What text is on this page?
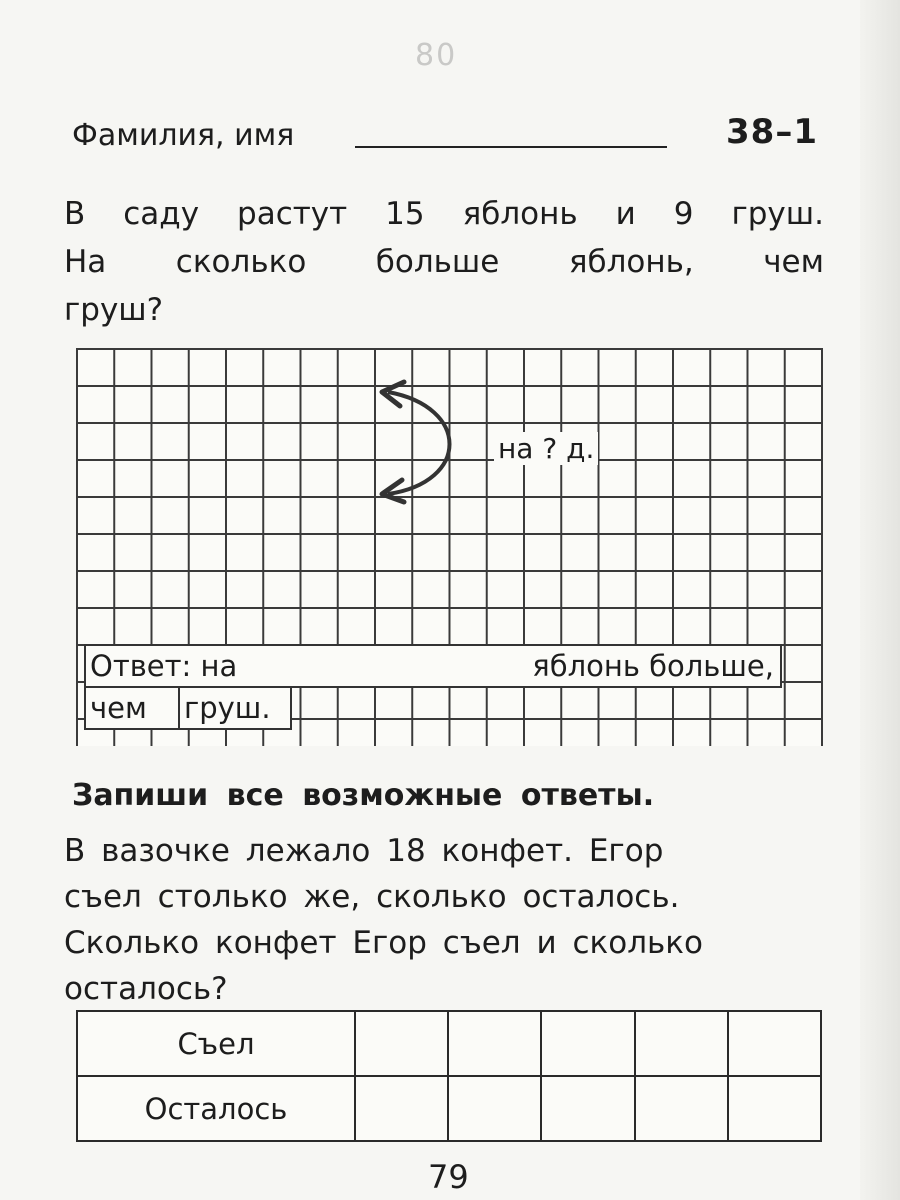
80
Фамилия, имя	38–1
В саду растут 15 яблонь и 9 груш.
На сколько больше яблонь, чем
груш?
на ? д.
Ответ: на	яблонь больше,
чем груш.
Запиши все возможные ответы.
В вазочке лежало 18 конфет. Егор
съел столько же, сколько осталось.
Сколько конфет Егор съел и сколько
осталось?
Съел					
Осталось					
79
